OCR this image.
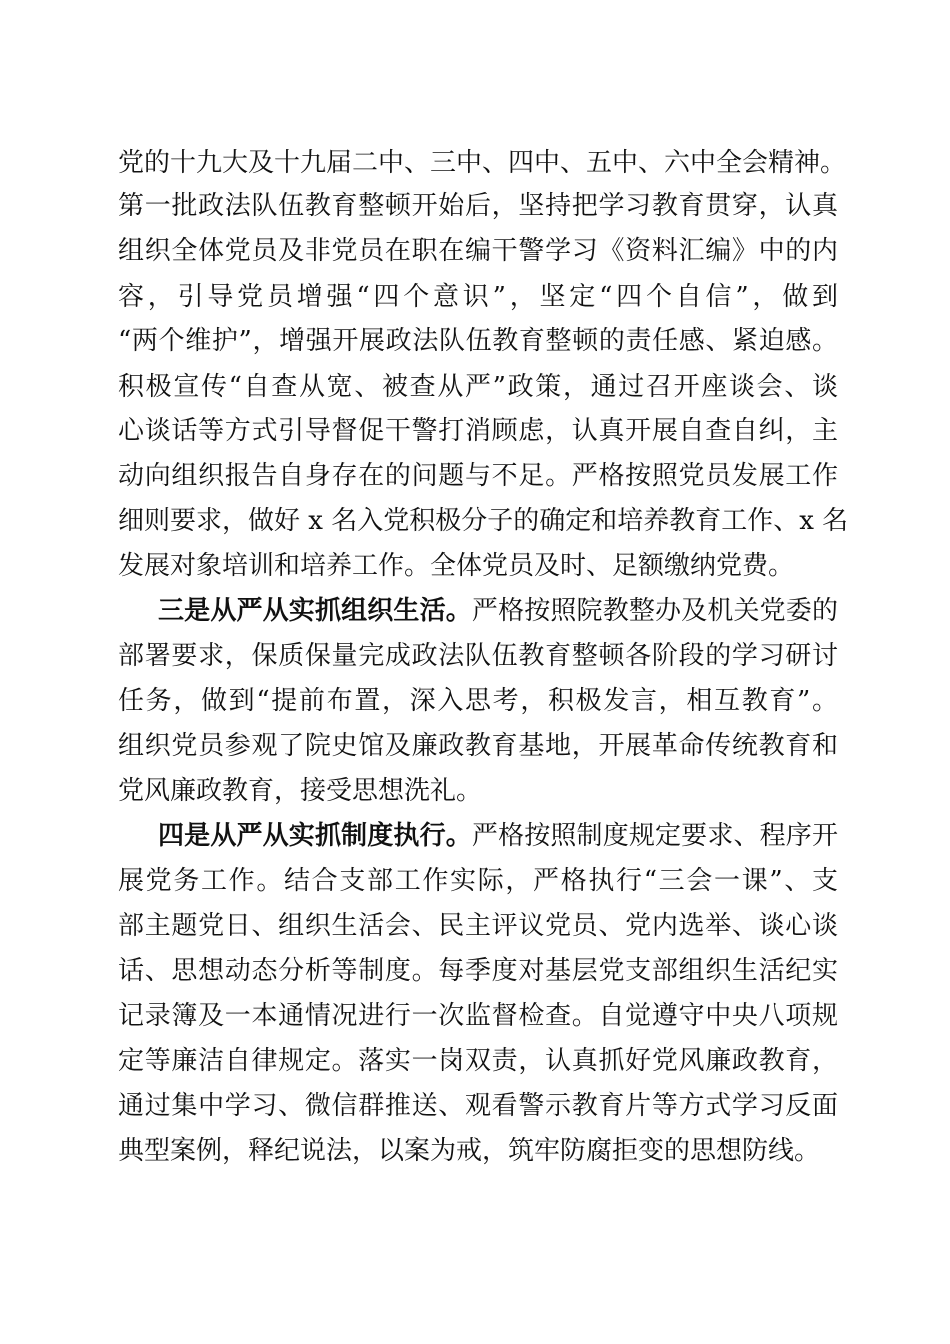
党的十九大及十九届二中、三中、四中、五中、六中全会精神。

第一批政法队伍教育整顿开始后，坚持把学习教育贯穿，认真

组织全体党员及非党员在职在编干警学习《资料汇编》中的内

容，引导党员增强“四个意识”，坚定“四个自信”，做到

“两个维护”，增强开展政法队伍教育整顿的责任感、紧迫感。

积极宣传“自查从宽、被查从严”政策，通过召开座谈会、谈

心谈话等方式引导督促干警打消顾虑，认真开展自查自纠，主

动向组织报告自身存在的问题与不足。严格按照党员发展工作

细则要求，做好 x 名入党积极分子的确定和培养教育工作、x 名

发展对象培训和培养工作。全体党员及时、足额缴纳党费。

三是从严从实抓组织生活。严格按照院教整办及机关党委的

部署要求，保质保量完成政法队伍教育整顿各阶段的学习研讨

任务，做到“提前布置，深入思考，积极发言，相互教育”。

组织党员参观了院史馆及廉政教育基地，开展革命传统教育和

党风廉政教育，接受思想洗礼。

四是从严从实抓制度执行。严格按照制度规定要求、程序开

展党务工作。结合支部工作实际，严格执行“三会一课”、支

部主题党日、组织生活会、民主评议党员、党内选举、谈心谈

话、思想动态分析等制度。每季度对基层党支部组织生活纪实

记录簿及一本通情况进行一次监督检查。自觉遵守中央八项规

定等廉洁自律规定。落实一岗双责，认真抓好党风廉政教育，

通过集中学习、微信群推送、观看警示教育片等方式学习反面

典型案例，释纪说法，以案为戒，筑牢防腐拒变的思想防线。
